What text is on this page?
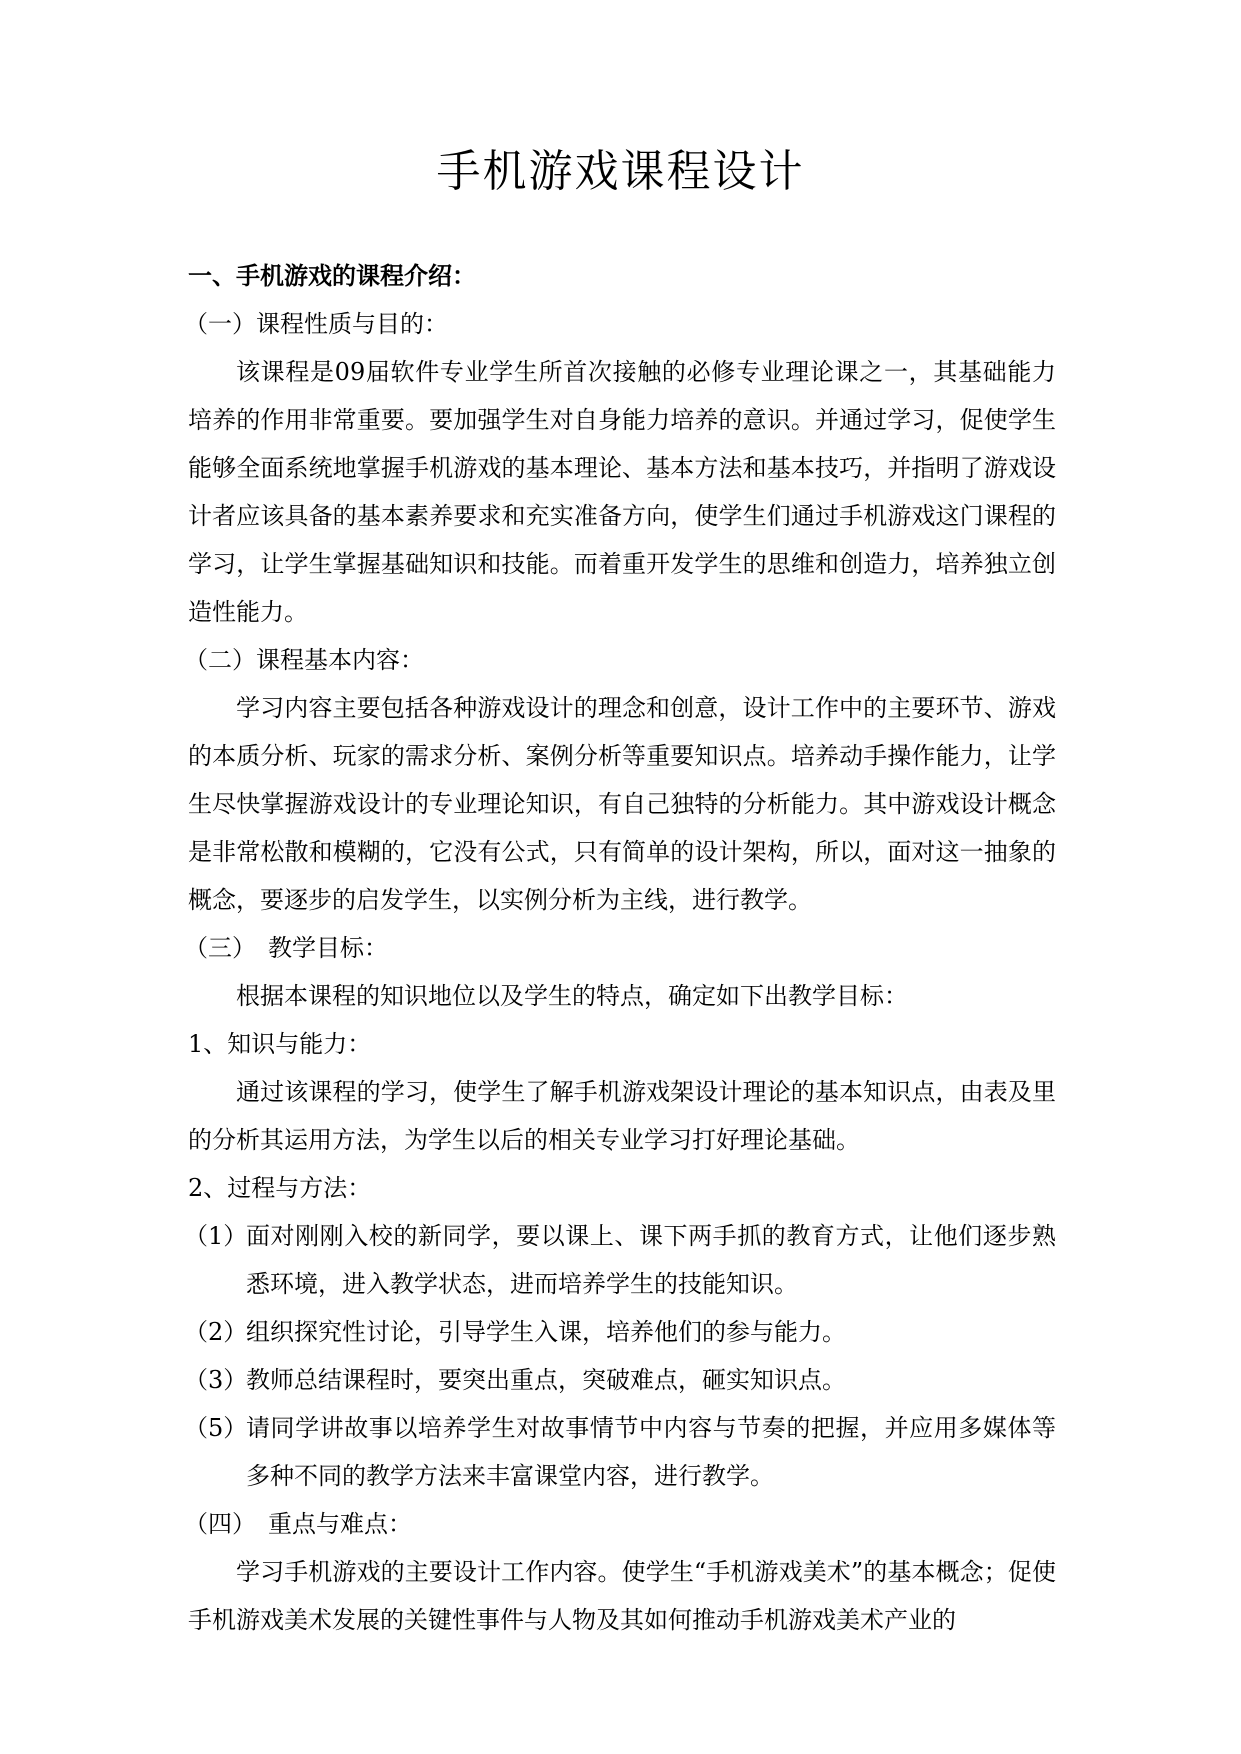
手机游戏课程设计

一、手机游戏的课程介绍：

（一）课程性质与目的：

该课程是09届软件专业学生所首次接触的必修专业理论课之一，其基础能力培养的作用非常重要。要加强学生对自身能力培养的意识。并通过学习，促使学生能够全面系统地掌握手机游戏的基本理论、基本方法和基本技巧，并指明了游戏设计者应该具备的基本素养要求和充实准备方向，使学生们通过手机游戏这门课程的学习，让学生掌握基础知识和技能。而着重开发学生的思维和创造力，培养独立创造性能力。

（二）课程基本内容：

学习内容主要包括各种游戏设计的理念和创意，设计工作中的主要环节、游戏的本质分析、玩家的需求分析、案例分析等重要知识点。培养动手操作能力，让学生尽快掌握游戏设计的专业理论知识，有自己独特的分析能力。其中游戏设计概念是非常松散和模糊的，它没有公式，只有简单的设计架构，所以，面对这一抽象的概念，要逐步的启发学生，以实例分析为主线，进行教学。

（三）　教学目标：

根据本课程的知识地位以及学生的特点，确定如下出教学目标：

1、知识与能力：

通过该课程的学习，使学生了解手机游戏架设计理论的基本知识点，由表及里的分析其运用方法，为学生以后的相关专业学习打好理论基础。

2、过程与方法：

（1）
面对刚刚入校的新同学，要以课上、课下两手抓的教育方式，让他们逐步熟悉环境，进入教学状态，进而培养学生的技能知识。
（2）
组织探究性讨论，引导学生入课，培养他们的参与能力。
（3）
教师总结课程时，要突出重点，突破难点，砸实知识点。
（5）
请同学讲故事以培养学生对故事情节中内容与节奏的把握，并应用多媒体等多种不同的教学方法来丰富课堂内容，进行教学。

（四）　重点与难点：

学习手机游戏的主要设计工作内容。使学生“手机游戏美术”的基本概念；促使手机游戏美术发展的关键性事件与人物及其如何推动手机游戏美术产业的
